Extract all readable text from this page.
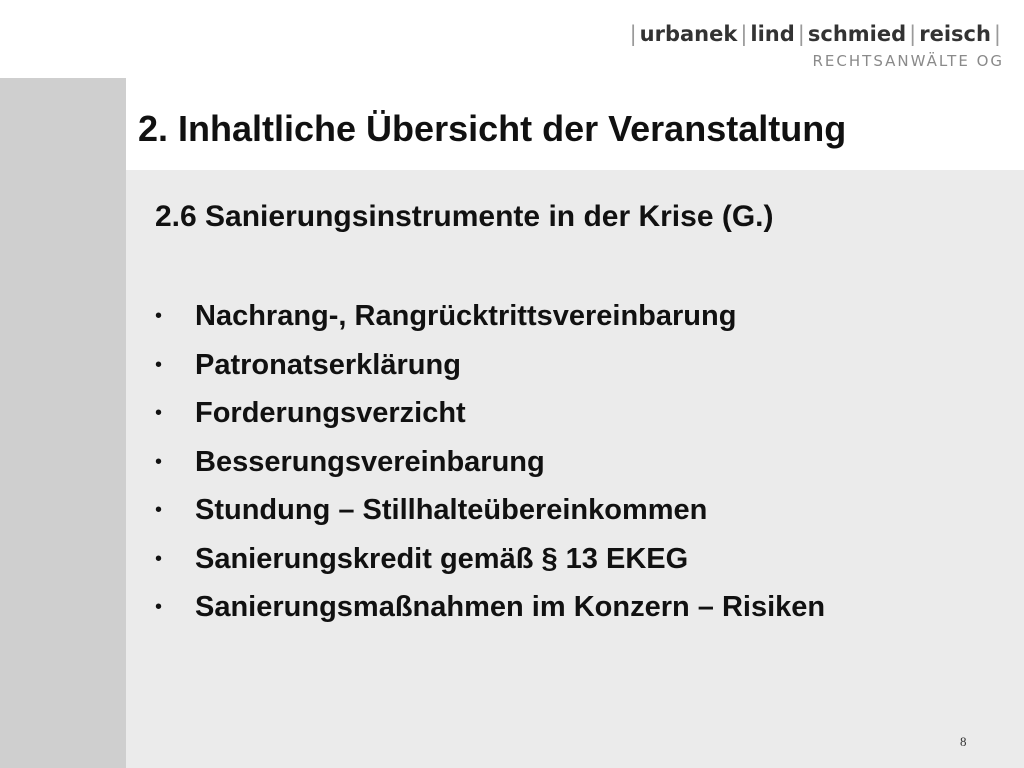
| urbanek | lind | schmied | reisch |
RECHTSANWÄLTE OG
2. Inhaltliche Übersicht der Veranstaltung
2.6 Sanierungsinstrumente in der Krise (G.)
•	Nachrang-, Rangrücktrittsvereinbarung
•	Patronatserklärung
•	Forderungsverzicht
•	Besserungsvereinbarung
•	Stundung – Stillhalteübereinkommen
•	Sanierungskredit gemäß § 13 EKEG
•	Sanierungsmaßnahmen im Konzern – Risiken
8
